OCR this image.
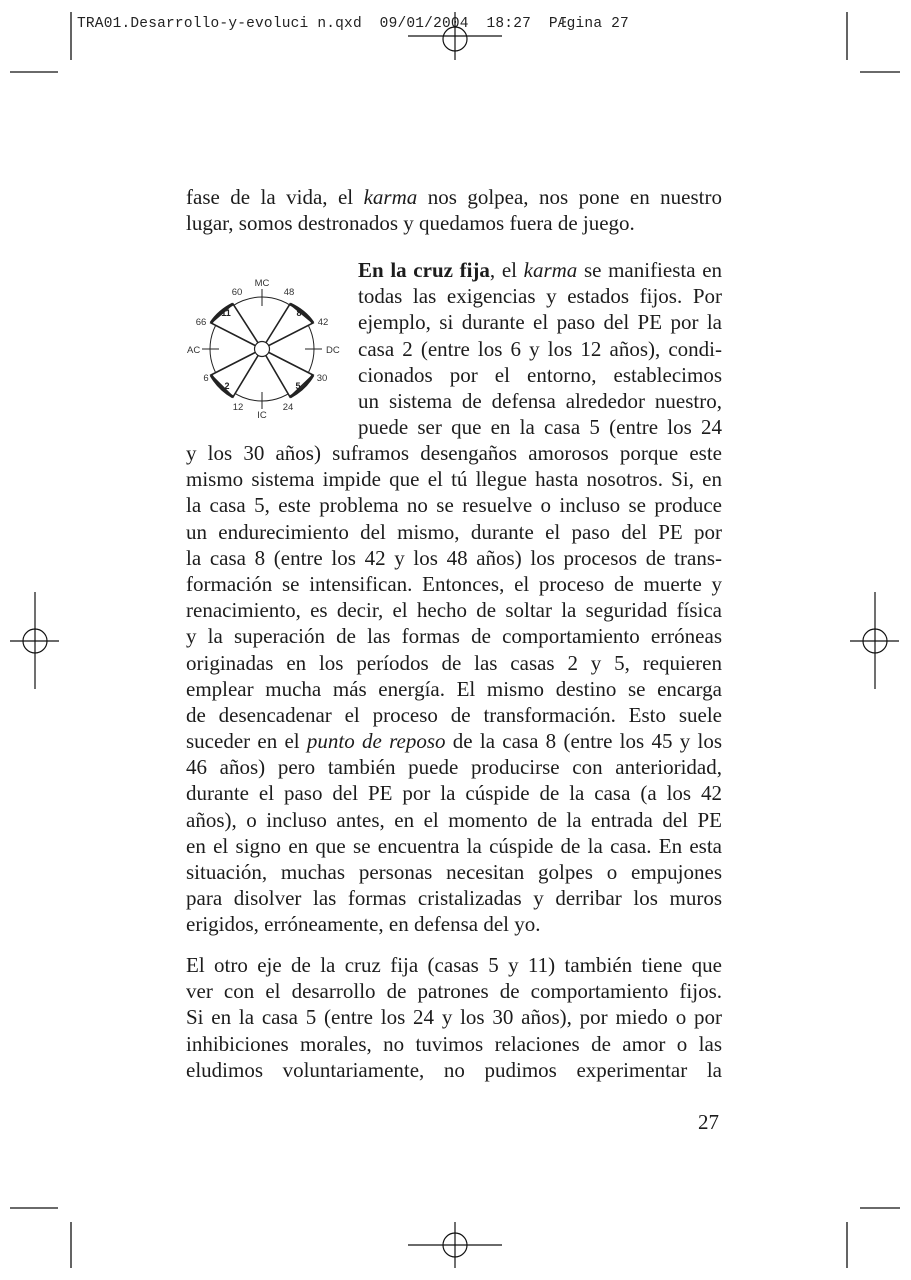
TRA01.Desarrollo-y-evoluci n.qxd 09/01/2004 18:27 PÆgina 27
fase de la vida, el karma nos golpea, nos pone en nuestro
lugar, somos destronados y quedamos fuera de juego.
MC
IC
AC	DC
60
66
48
42
6
12	24
30
11	8
2	5
En la cruz fija, el karma se manifiesta en
todas las exigencias y estados fijos. Por
ejemplo, si durante el paso del PE por la
casa 2 (entre los 6 y los 12 años), condi-
cionados por el entorno, establecimos
un sistema de defensa alrededor nuestro,
puede ser que en la casa 5 (entre los 24
y los 30 años) suframos desengaños amorosos porque este
mismo sistema impide que el tú llegue hasta nosotros. Si, en
la casa 5, este problema no se resuelve o incluso se produce
un endurecimiento del mismo, durante el paso del PE por
la casa 8 (entre los 42 y los 48 años) los procesos de trans-
formación se intensifican. Entonces, el proceso de muerte y
renacimiento, es decir, el hecho de soltar la seguridad física
y la superación de las formas de comportamiento erróneas
originadas en los períodos de las casas 2 y 5, requieren
emplear mucha más energía. El mismo destino se encarga
de desencadenar el proceso de transformación. Esto suele
suceder en el punto de reposo de la casa 8 (entre los 45 y los
46 años) pero también puede producirse con anterioridad,
durante el paso del PE por la cúspide de la casa (a los 42
años), o incluso antes, en el momento de la entrada del PE
en el signo en que se encuentra la cúspide de la casa. En esta
situación, muchas personas necesitan golpes o empujones
para disolver las formas cristalizadas y derribar los muros
erigidos, erróneamente, en defensa del yo.
El otro eje de la cruz fija (casas 5 y 11) también tiene que
ver con el desarrollo de patrones de comportamiento fijos.
Si en la casa 5 (entre los 24 y los 30 años), por miedo o por
inhibiciones morales, no tuvimos relaciones de amor o las
eludimos voluntariamente, no pudimos experimentar la
27
